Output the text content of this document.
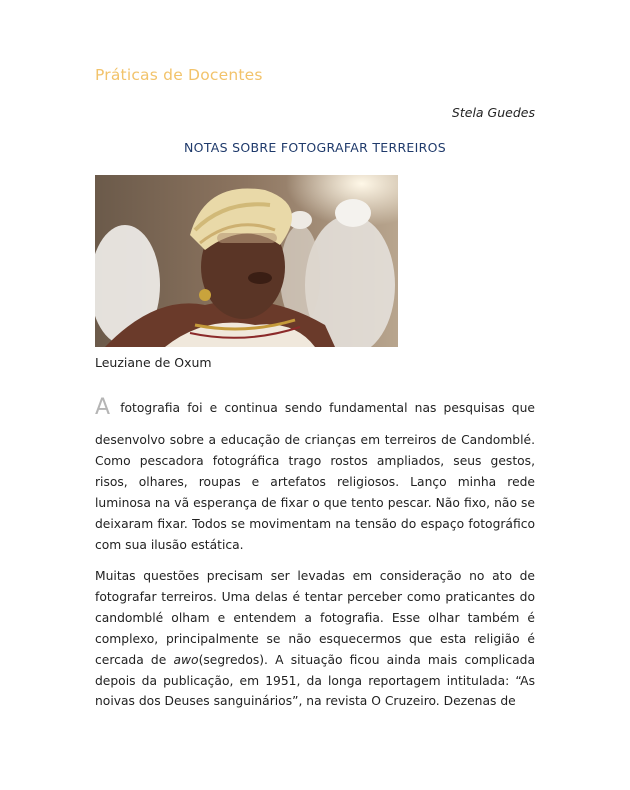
Práticas de Docentes
Stela Guedes
NOTAS SOBRE FOTOGRAFAR TERREIROS
Leuziane de Oxum
A fotografia foi e continua sendo fundamental nas pesquisas que

desenvolvo sobre a educação de crianças em terreiros de Candomblé. Como pescadora fotográfica trago rostos ampliados, seus gestos, risos, olhares, roupas e artefatos religiosos. Lanço minha rede luminosa na vã esperança de fixar o que tento pescar. Não fixo, não se deixaram fixar. Todos se movimentam na tensão do espaço fotográfico com sua ilusão estática.

Muitas questões precisam ser levadas em consideração no ato de fotografar terreiros. Uma delas é tentar perceber como praticantes do candomblé olham e entendem a fotografia. Esse olhar também é complexo, principalmente se não esquecermos que esta religião é cercada de awo(segredos). A situação ficou ainda mais complicada depois da publicação, em 1951, da longa reportagem intitulada: “As noivas dos Deuses sanguinários”, na revista O Cruzeiro. Dezenas de
